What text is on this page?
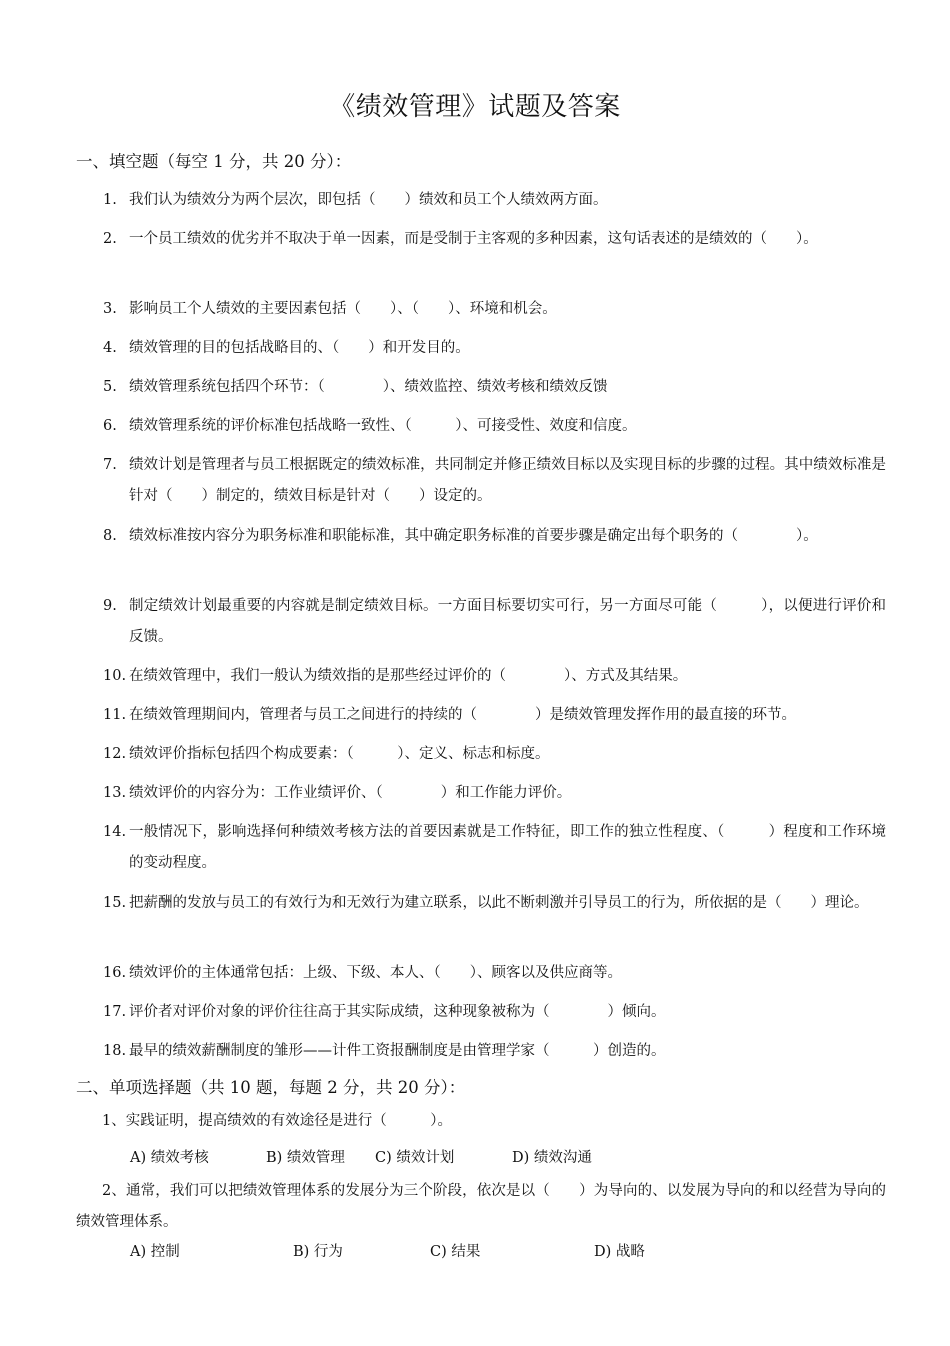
《绩效管理》试题及答案
一、填空题（每空 1 分，共 20 分）：
1. 我们认为绩效分为两个层次，即包括（　　）绩效和员工个人绩效两方面。
2. 一个员工绩效的优劣并不取决于单一因素，而是受制于主客观的多种因素，这句话表述的是绩效的（　　）。
3. 影响员工个人绩效的主要因素包括（　　）、（　　）、环境和机会。
4. 绩效管理的目的包括战略目的、（　　）和开发目的。
5. 绩效管理系统包括四个环节：（　　　　）、绩效监控、绩效考核和绩效反馈
6. 绩效管理系统的评价标准包括战略一致性、（　　　）、可接受性、效度和信度。
7. 绩效计划是管理者与员工根据既定的绩效标准，共同制定并修正绩效目标以及实现目标的步骤的过程。其中绩效标准是针对（　　）制定的，绩效目标是针对（　　）设定的。
8. 绩效标准按内容分为职务标准和职能标准，其中确定职务标准的首要步骤是确定出每个职务的（　　　　）。
9. 制定绩效计划最重要的内容就是制定绩效目标。一方面目标要切实可行，另一方面尽可能（　　　），以便进行评价和反馈。
10. 在绩效管理中，我们一般认为绩效指的是那些经过评价的（　　　　）、方式及其结果。
11. 在绩效管理期间内，管理者与员工之间进行的持续的（　　　　）是绩效管理发挥作用的最直接的环节。
12. 绩效评价指标包括四个构成要素：（　　　）、定义、标志和标度。
13. 绩效评价的内容分为：工作业绩评价、（　　　　）和工作能力评价。
14. 一般情况下，影响选择何种绩效考核方法的首要因素就是工作特征，即工作的独立性程度、（　　　）程度和工作环境的变动程度。
15. 把薪酬的发放与员工的有效行为和无效行为建立联系，以此不断刺激并引导员工的行为，所依据的是（　　）理论。
16. 绩效评价的主体通常包括：上级、下级、本人、（　　）、顾客以及供应商等。
17. 评价者对评价对象的评价往往高于其实际成绩，这种现象被称为（　　　　）倾向。
18. 最早的绩效薪酬制度的雏形——计件工资报酬制度是由管理学家（　　　）创造的。
二、单项选择题（共 10 题，每题 2 分，共 20 分）：
1、实践证明，提高绩效的有效途径是进行（　　　）。
A) 绩效考核	B) 绩效管理 C) 绩效计划	D) 绩效沟通
2、通常，我们可以把绩效管理体系的发展分为三个阶段，依次是以（　　）为导向的、以发展为导向的和以经营为导向的绩效管理体系。
A) 控制	B) 行为	C) 结果	D) 战略
